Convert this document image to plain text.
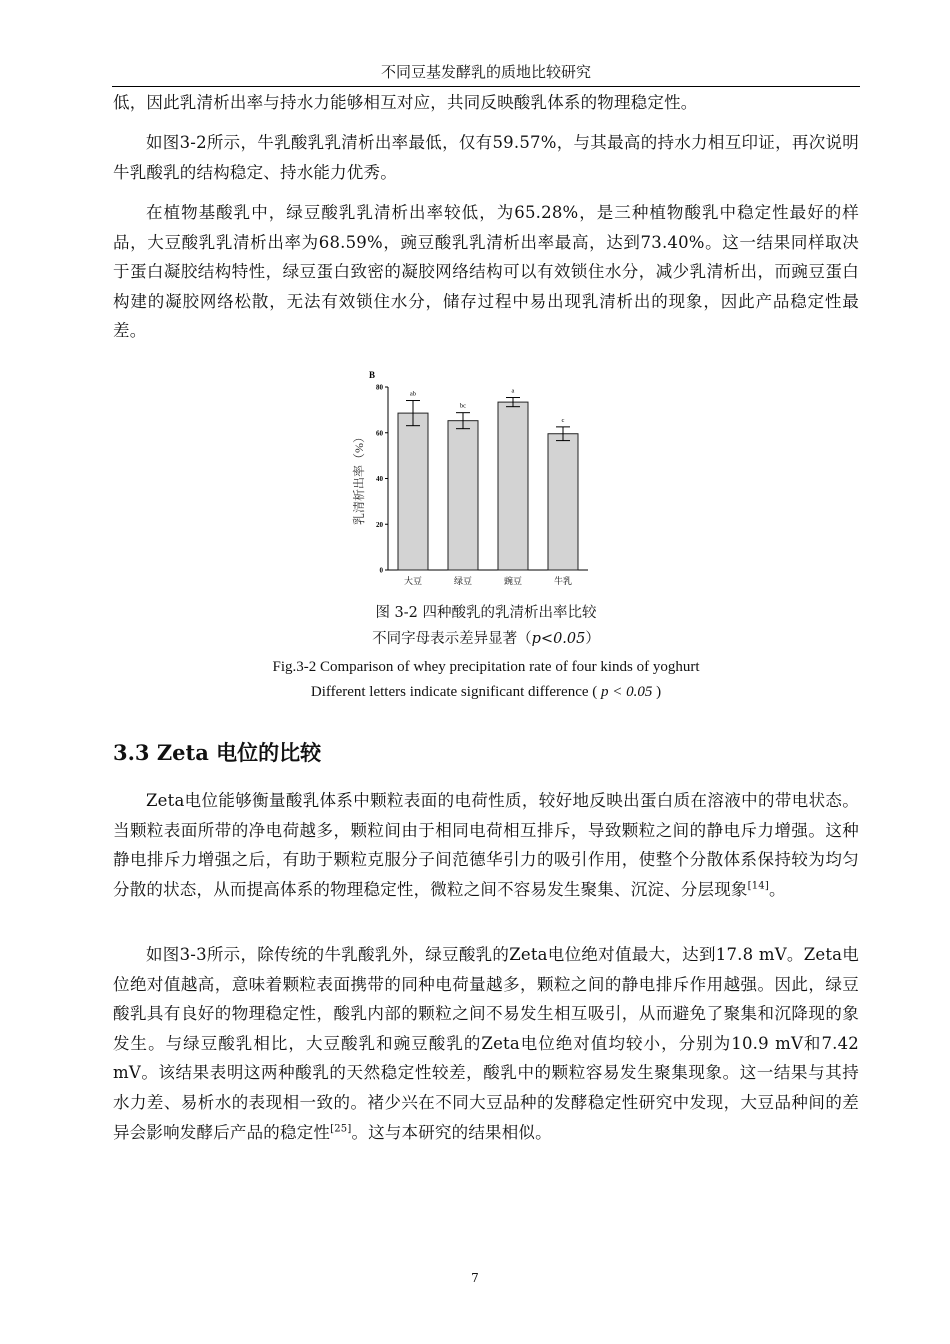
不同豆基发酵乳的质地比较研究

低，因此乳清析出率与持水力能够相互对应，共同反映酸乳体系的物理稳定性。

如图3-2所示，牛乳酸乳乳清析出率最低，仅有59.57%，与其最高的持水力相互印证，再次说明牛乳酸乳的结构稳定、持水能力优秀。

在植物基酸乳中，绿豆酸乳乳清析出率较低，为65.28%，是三种植物酸乳中稳定性最好的样品，大豆酸乳乳清析出率为68.59%，豌豆酸乳乳清析出率最高，达到73.40%。这一结果同样取决于蛋白凝胶结构特性，绿豆蛋白致密的凝胶网络结构可以有效锁住水分，减少乳清析出，而豌豆蛋白构建的凝胶网络松散，无法有效锁住水分，储存过程中易出现乳清析出的现象，因此产品稳定性最差。

B
乳清析出率（%）
0
20
40
60
80
ab
bc
a
c
大豆	绿豆	豌豆	牛乳

图 3-2 四种酸乳的乳清析出率比较

不同字母表示差异显著（p<0.05）

Fig.3-2 Comparison of whey precipitation rate of four kinds of yoghurt

Different letters indicate significant difference ( p < 0.05 )

3.3 Zeta 电位的比较

Zeta电位能够衡量酸乳体系中颗粒表面的电荷性质，较好地反映出蛋白质在溶液中的带电状态。当颗粒表面所带的净电荷越多，颗粒间由于相同电荷相互排斥，导致颗粒之间的静电斥力增强。这种静电排斥力增强之后，有助于颗粒克服分子间范德华引力的吸引作用，使整个分散体系保持较为均匀分散的状态，从而提高体系的物理稳定性，微粒之间不容易发生聚集、沉淀、分层现象[14]。

如图3-3所示，除传统的牛乳酸乳外，绿豆酸乳的Zeta电位绝对值最大，达到17.8 mV。Zeta电位绝对值越高，意味着颗粒表面携带的同种电荷量越多，颗粒之间的静电排斥作用越强。因此，绿豆酸乳具有良好的物理稳定性，酸乳内部的颗粒之间不易发生相互吸引，从而避免了聚集和沉降现的象发生。与绿豆酸乳相比，大豆酸乳和豌豆酸乳的Zeta电位绝对值均较小，分别为10.9 mV和7.42 mV。该结果表明这两种酸乳的天然稳定性较差，酸乳中的颗粒容易发生聚集现象。这一结果与其持水力差、易析水的表现相一致的。褚少兴在不同大豆品种的发酵稳定性研究中发现，大豆品种间的差异会影响发酵后产品的稳定性[25]。这与本研究的结果相似。

7
